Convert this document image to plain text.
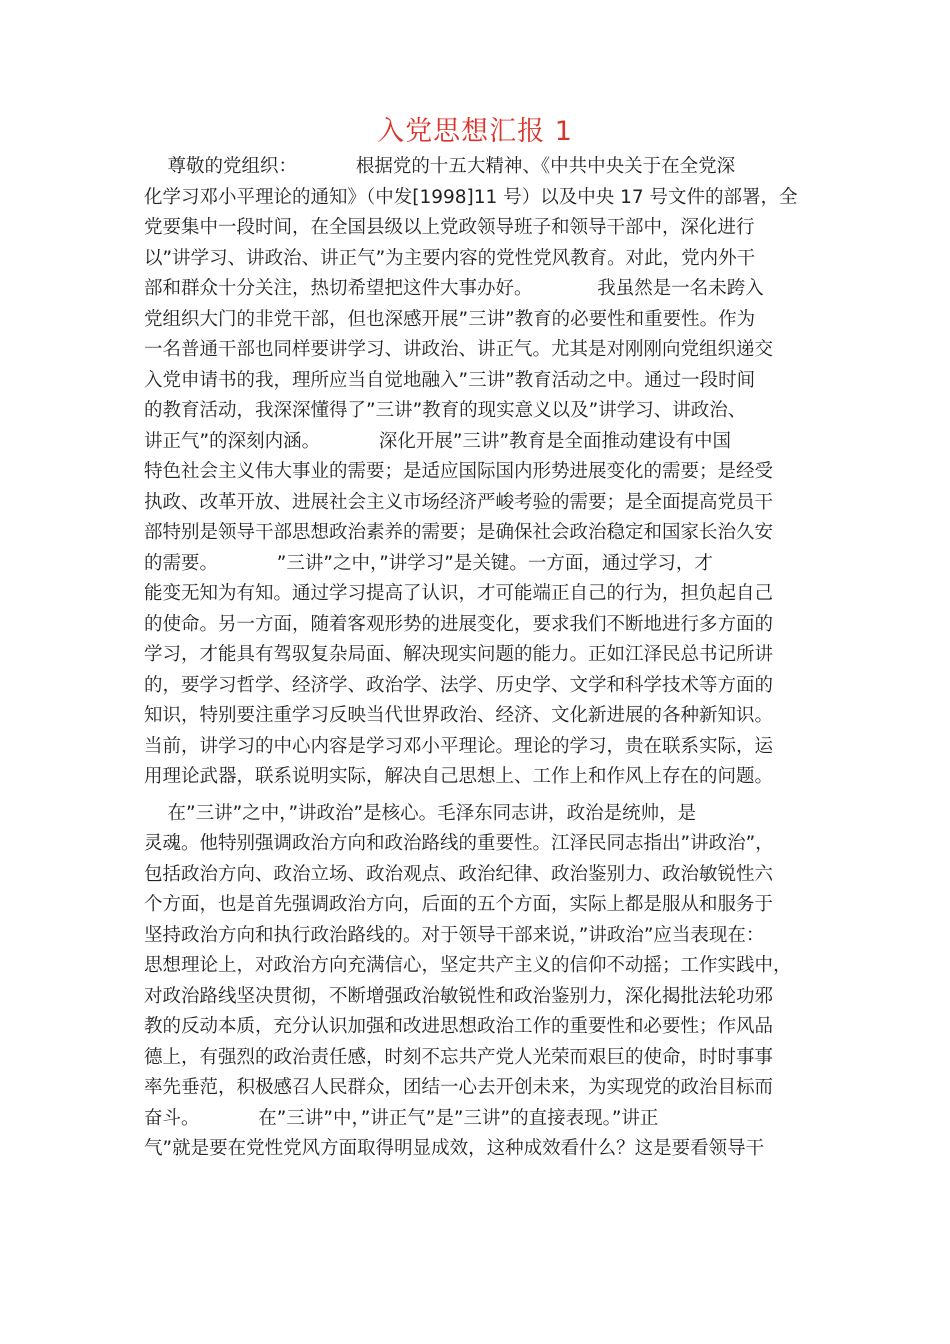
入党思想汇报 1
尊敬的党组织：          根据党的十五大精神、《中共中央关于在全党深
化学习邓小平理论的通知》（中发[1998]11 号）以及中央 17 号文件的部署，全
党要集中一段时间，在全国县级以上党政领导班子和领导干部中，深化进行
以”讲学习、讲政治、讲正气”为主要内容的党性党风教育。对此，党内外干
部和群众十分关注，热切希望把这件大事办好。           我虽然是一名未跨入
党组织大门的非党干部，但也深感开展”三讲”教育的必要性和重要性。作为
一名普通干部也同样要讲学习、讲政治、讲正气。尤其是对刚刚向党组织递交
入党申请书的我，理所应当自觉地融入”三讲”教育活动之中。通过一段时间
的教育活动，我深深懂得了”三讲”教育的现实意义以及”讲学习、讲政治、
讲正气”的深刻内涵。          深化开展”三讲”教育是全面推动建设有中国
特色社会主义伟大事业的需要；是适应国际国内形势进展变化的需要；是经受
执政、改革开放、进展社会主义市场经济严峻考验的需要；是全面提高党员干
部特别是领导干部思想政治素养的需要；是确保社会政治稳定和国家长治久安
的需要。          ”三讲”之中，”讲学习”是关键。一方面，通过学习，才
能变无知为有知。通过学习提高了认识，才可能端正自己的行为，担负起自己
的使命。另一方面，随着客观形势的进展变化，要求我们不断地进行多方面的
学习，才能具有驾驭复杂局面、解决现实问题的能力。正如江泽民总书记所讲
的，要学习哲学、经济学、政治学、法学、历史学、文学和科学技术等方面的
知识，特别要注重学习反映当代世界政治、经济、文化新进展的各种新知识。
当前，讲学习的中心内容是学习邓小平理论。理论的学习，贵在联系实际，运
用理论武器，联系说明实际，解决自己思想上、工作上和作风上存在的问题。
在”三讲”之中，”讲政治”是核心。毛泽东同志讲，政治是统帅，是
灵魂。他特别强调政治方向和政治路线的重要性。江泽民同志指出”讲政治”，
包括政治方向、政治立场、政治观点、政治纪律、政治鉴别力、政治敏锐性六
个方面，也是首先强调政治方向，后面的五个方面，实际上都是服从和服务于
坚持政治方向和执行政治路线的。对于领导干部来说，”讲政治”应当表现在：
思想理论上，对政治方向充满信心，坚定共产主义的信仰不动摇；工作实践中，
对政治路线坚决贯彻，不断增强政治敏锐性和政治鉴别力，深化揭批法轮功邪
教的反动本质，充分认识加强和改进思想政治工作的重要性和必要性；作风品
德上，有强烈的政治责任感，时刻不忘共产党人光荣而艰巨的使命，时时事事
率先垂范，积极感召人民群众，团结一心去开创未来，为实现党的政治目标而
奋斗。          在”三讲”中，”讲正气”是”三讲”的直接表现。”讲正
气”就是要在党性党风方面取得明显成效，这种成效看什么？这是要看领导干
